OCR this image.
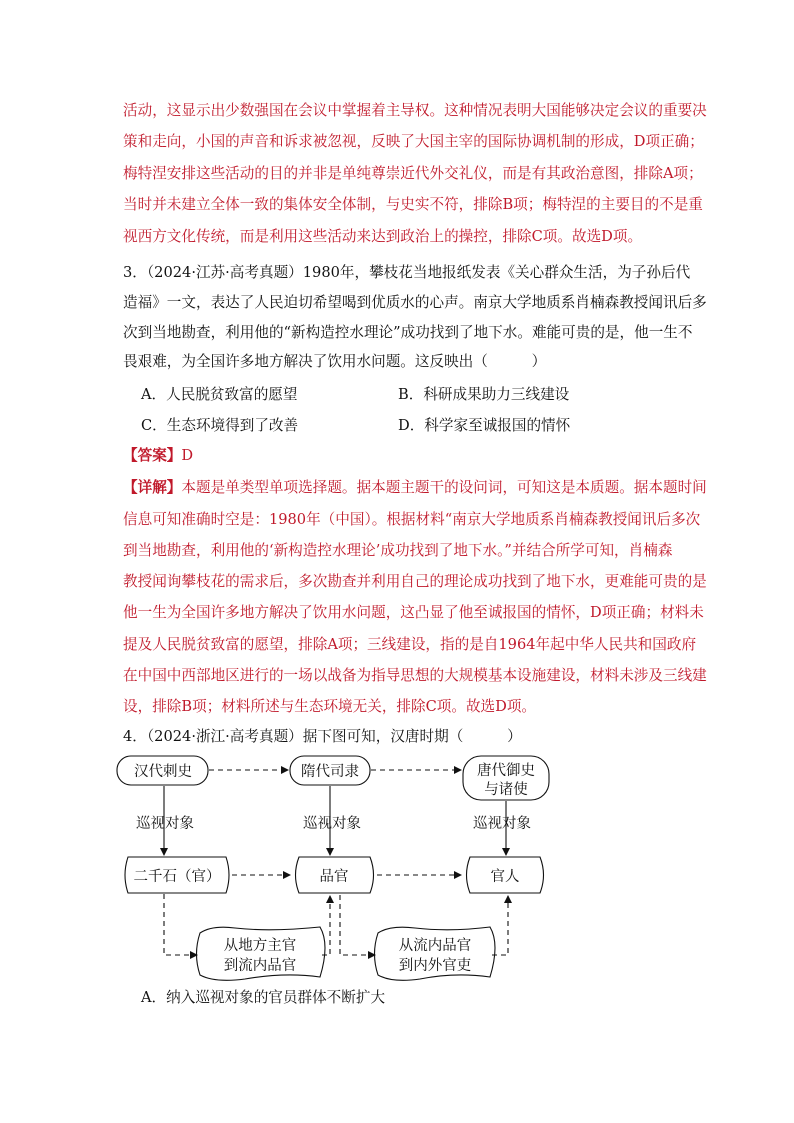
活动，这显示出少数强国在会议中掌握着主导权。这种情况表明大国能够决定会议的重要决
策和走向，小国的声音和诉求被忽视，反映了大国主宰的国际协调机制的形成，D项正确；
梅特涅安排这些活动的目的并非是单纯尊崇近代外交礼仪，而是有其政治意图，排除A项；
当时并未建立全体一致的集体安全体制，与史实不符，排除B项；梅特涅的主要目的不是重
视西方文化传统，而是利用这些活动来达到政治上的操控，排除C项。故选D项。
3．（2024·江苏·高考真题）1980年，攀枝花当地报纸发表《关心群众生活，为子孙后代
造福》一文，表达了人民迫切希望喝到优质水的心声。南京大学地质系肖楠森教授闻讯后多
次到当地勘查，利用他的“新构造控水理论”成功找到了地下水。难能可贵的是，他一生不
畏艰难，为全国许多地方解决了饮用水问题。这反映出（　　　）
A．人民脱贫致富的愿望	B．科研成果助力三线建设
C．生态环境得到了改善	D．科学家至诚报国的情怀
【答案】D
【详解】本题是单类型单项选择题。据本题主题干的设问词，可知这是本质题。据本题时间
信息可知准确时空是：1980年（中国）。根据材料“南京大学地质系肖楠森教授闻讯后多次
到当地勘查，利用他的‘新构造控水理论’成功找到了地下水。”并结合所学可知，肖楠森
教授闻询攀枝花的需求后，多次勘查并利用自己的理论成功找到了地下水，更难能可贵的是
他一生为全国许多地方解决了饮用水问题，这凸显了他至诚报国的情怀，D项正确；材料未
提及人民脱贫致富的愿望，排除A项；三线建设，指的是自1964年起中华人民共和国政府
在中国中西部地区进行的一场以战备为指导思想的大规模基本设施建设，材料未涉及三线建
设，排除B项；材料所述与生态环境无关，排除C项。故选D项。
4．（2024·浙江·高考真题）据下图可知，汉唐时期（　　　）
汉代刺史	隋代司隶	唐代御史
与诸使
巡视对象	巡视对象	巡视对象
二千石（官）	品官	官人
从地方主官
到流内品官
从流内品官
到内外官吏
A．纳入巡视对象的官员群体不断扩大
